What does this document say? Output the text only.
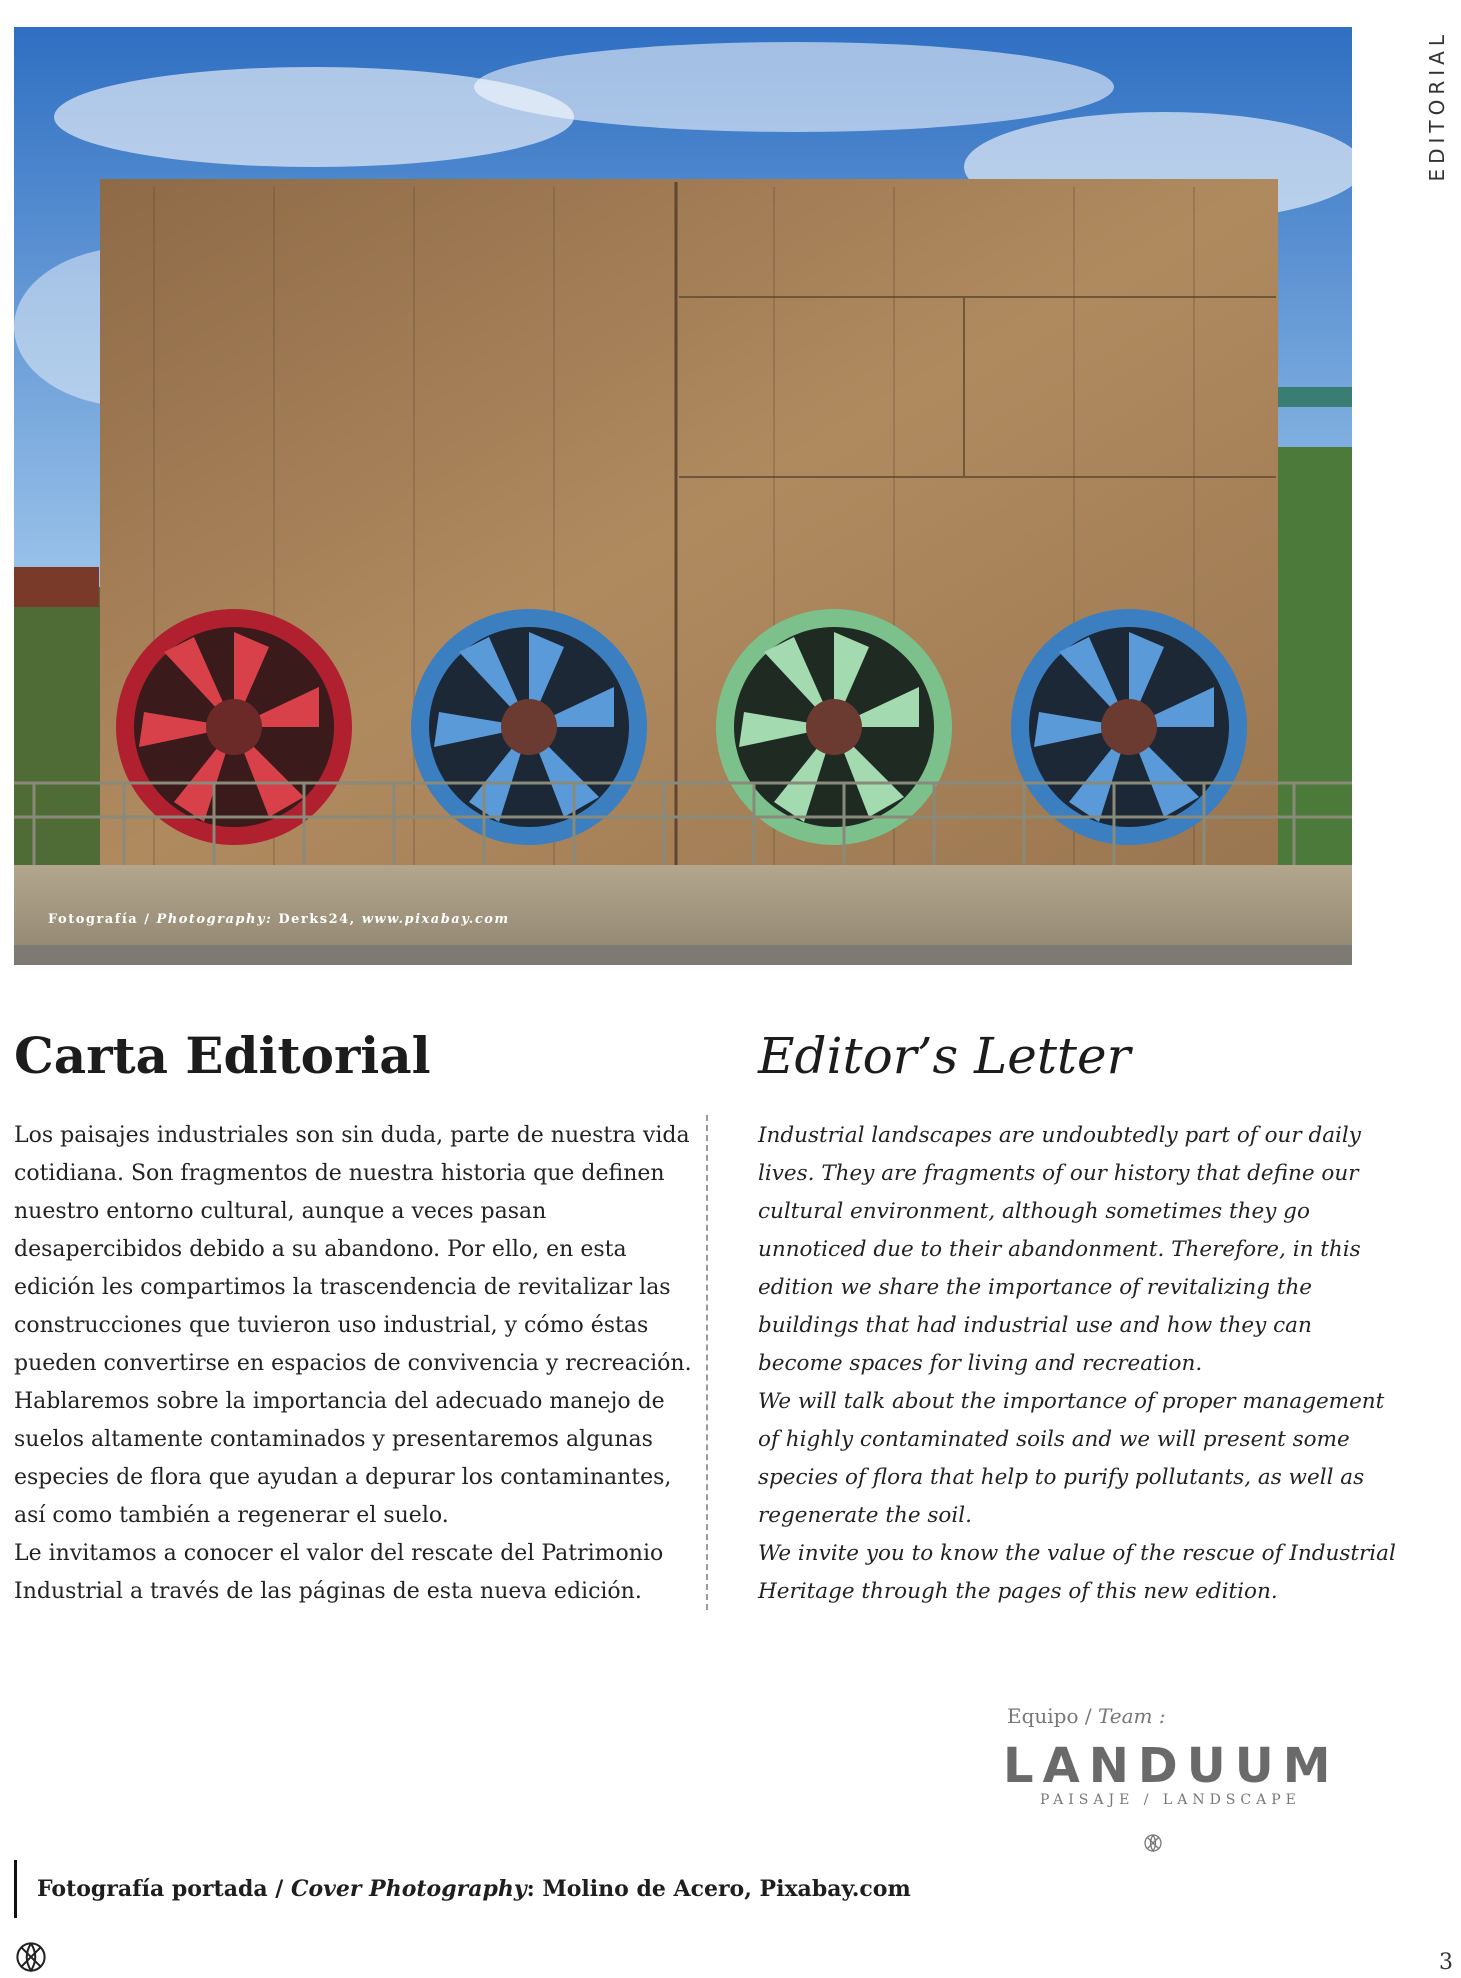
EDITORIAL
Fotografía / Photography: Derks24, www.pixabay.com
Carta Editorial

Los paisajes industriales son sin duda, parte de nuestra vida cotidiana. Son fragmentos de nuestra historia que definen nuestro entorno cultural, aunque a veces pasan desapercibidos debido a su abandono. Por ello, en esta edición les compartimos la trascendencia de revitalizar las construcciones que tuvieron uso industrial, y cómo éstas pueden convertirse en espacios de convivencia y recreación.

Hablaremos sobre la importancia del adecuado manejo de suelos altamente contaminados y presentaremos algunas especies de flora que ayudan a depurar los contaminantes, así como también a regenerar el suelo.

Le invitamos a conocer el valor del rescate del Patrimonio Industrial a través de las páginas de esta nueva edición.

Editor’s Letter

Industrial landscapes are undoubtedly part of our daily lives. They are fragments of our history that define our cultural environment, although sometimes they go unnoticed due to their abandonment. Therefore, in this edition we share the importance of revitalizing the buildings that had industrial use and how they can become spaces for living and recreation.

We will talk about the importance of proper management of highly contaminated soils and we will present some species of flora that help to purify pollutants, as well as regenerate the soil.

We invite you to know the value of the rescue of Industrial Heritage through the pages of this new edition.

Equipo / Team :
LANDUUM
PAISAJE / LANDSCAPE
Fotografía portada / Cover Photography: Molino de Acero, Pixabay.com
3
